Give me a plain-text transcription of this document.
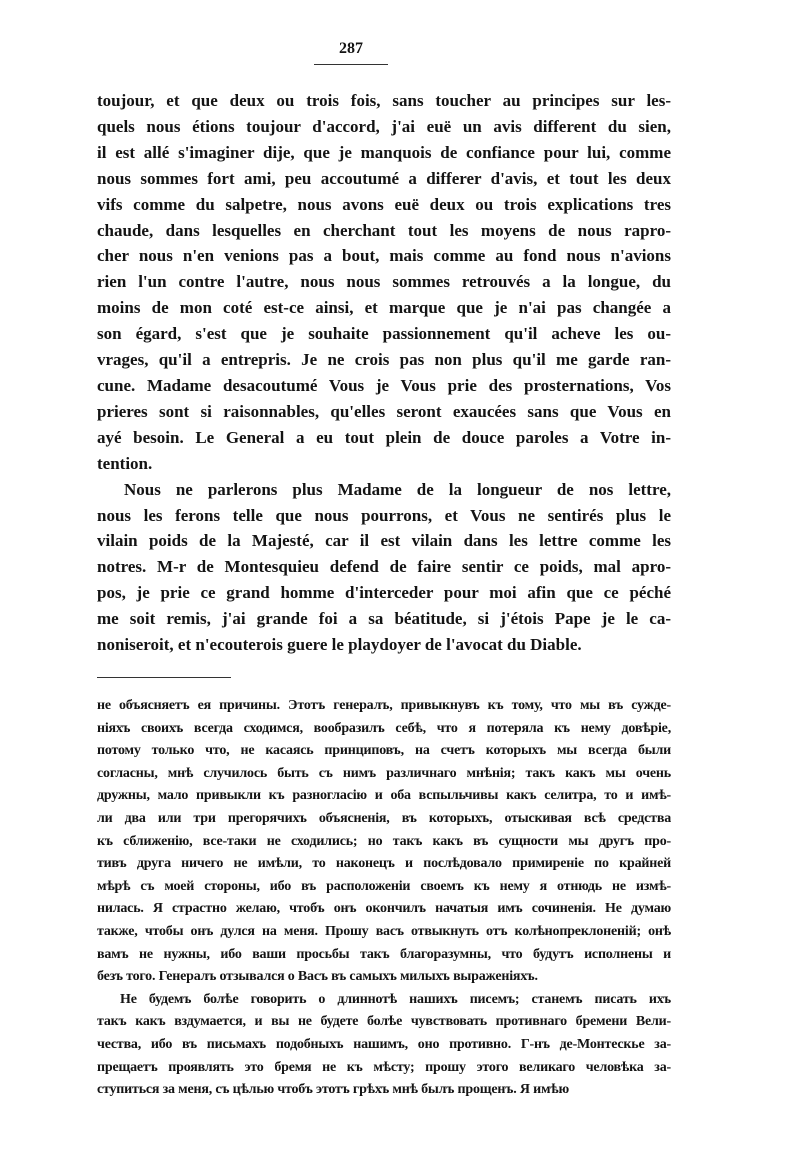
287
toujour, et que deux ou trois fois, sans toucher au principes sur les-
quels nous étions toujour d'accord, j'ai euë un avis different du sien,
il est allé s'imaginer dije, que je manquois de confiance pour lui, comme
nous sommes fort ami, peu accoutumé a differer d'avis, et tout les deux
vifs comme du salpetre, nous avons euë deux ou trois explications tres
chaude, dans lesquelles en cherchant tout les moyens de nous rapro-
cher nous n'en venions pas a bout, mais comme au fond nous n'avions
rien l'un contre l'autre, nous nous sommes retrouvés a la longue, du
moins de mon coté est-ce ainsi, et marque que je n'ai pas changée a
son égard, s'est que je souhaite passionnement qu'il acheve les ou-
vrages, qu'il a entrepris. Je ne crois pas non plus qu'il me garde ran-
cune. Madame desacoutumé Vous je Vous prie des prosternations, Vos
prieres sont si raisonnables, qu'elles seront exaucées sans que Vous en
ayé besoin. Le General a eu tout plein de douce paroles a Votre in-
tention.
Nous ne parlerons plus Madame de la longueur de nos lettre,
nous les ferons telle que nous pourrons, et Vous ne sentirés plus le
vilain poids de la Majesté, car il est vilain dans les lettre comme les
notres. M-r de Montesquieu defend de faire sentir ce poids, mal apro-
pos, je prie ce grand homme d'interceder pour moi afin que ce péché
me soit remis, j'ai grande foi a sa béatitude, si j'étois Pape je le ca-
noniseroit, et n'ecouterois guere le playdoyer de l'avocat du Diable.
не объясняетъ ея причины. Этотъ генералъ, привыкнувъ къ тому, что мы въ сужде-
ніяхъ своихъ всегда сходимся, вообразилъ себѣ, что я потеряла къ нему довѣріе,
потому только что, не касаясь принциповъ, на счетъ которыхъ мы всегда были
согласны, мнѣ случилось быть съ нимъ различнаго мнѣнія; такъ какъ мы очень
дружны, мало привыкли къ разногласію и оба вспыльчивы какъ селитра, то и имѣ-
ли два или три прегорячихъ объясненія, въ которыхъ, отыскивая всѣ средства
къ сближенію, все-таки не сходились; но такъ какъ въ сущности мы другъ про-
тивъ друга ничего не имѣли, то наконецъ и послѣдовало примиреніе по крайней
мѣрѣ съ моей стороны, ибо въ расположеніи своемъ къ нему я отнюдь не измѣ-
нилась. Я страстно желаю, чтобъ онъ окончилъ начатыя имъ сочиненія. Не думаю
также, чтобы онъ дулся на меня. Прошу васъ отвыкнуть отъ колѣнопреклоненій; онѣ
вамъ не нужны, ибо ваши просьбы такъ благоразумны, что будутъ исполнены и
безъ того. Генералъ отзывался о Васъ въ самыхъ милыхъ выраженіяхъ.
Не будемъ болѣе говорить о длиннотѣ нашихъ писемъ; станемъ писать ихъ
такъ какъ вздумается, и вы не будете болѣе чувствовать противнаго бремени Вели-
чества, ибо въ письмахъ подобныхъ нашимъ, оно противно. Г-нъ де-Монтескье за-
прещаетъ проявлять это бремя не къ мѣсту; прошу этого великаго человѣка за-
ступиться за меня, съ цѣлью чтобъ этотъ грѣхъ мнѣ былъ прощенъ. Я имѣю
